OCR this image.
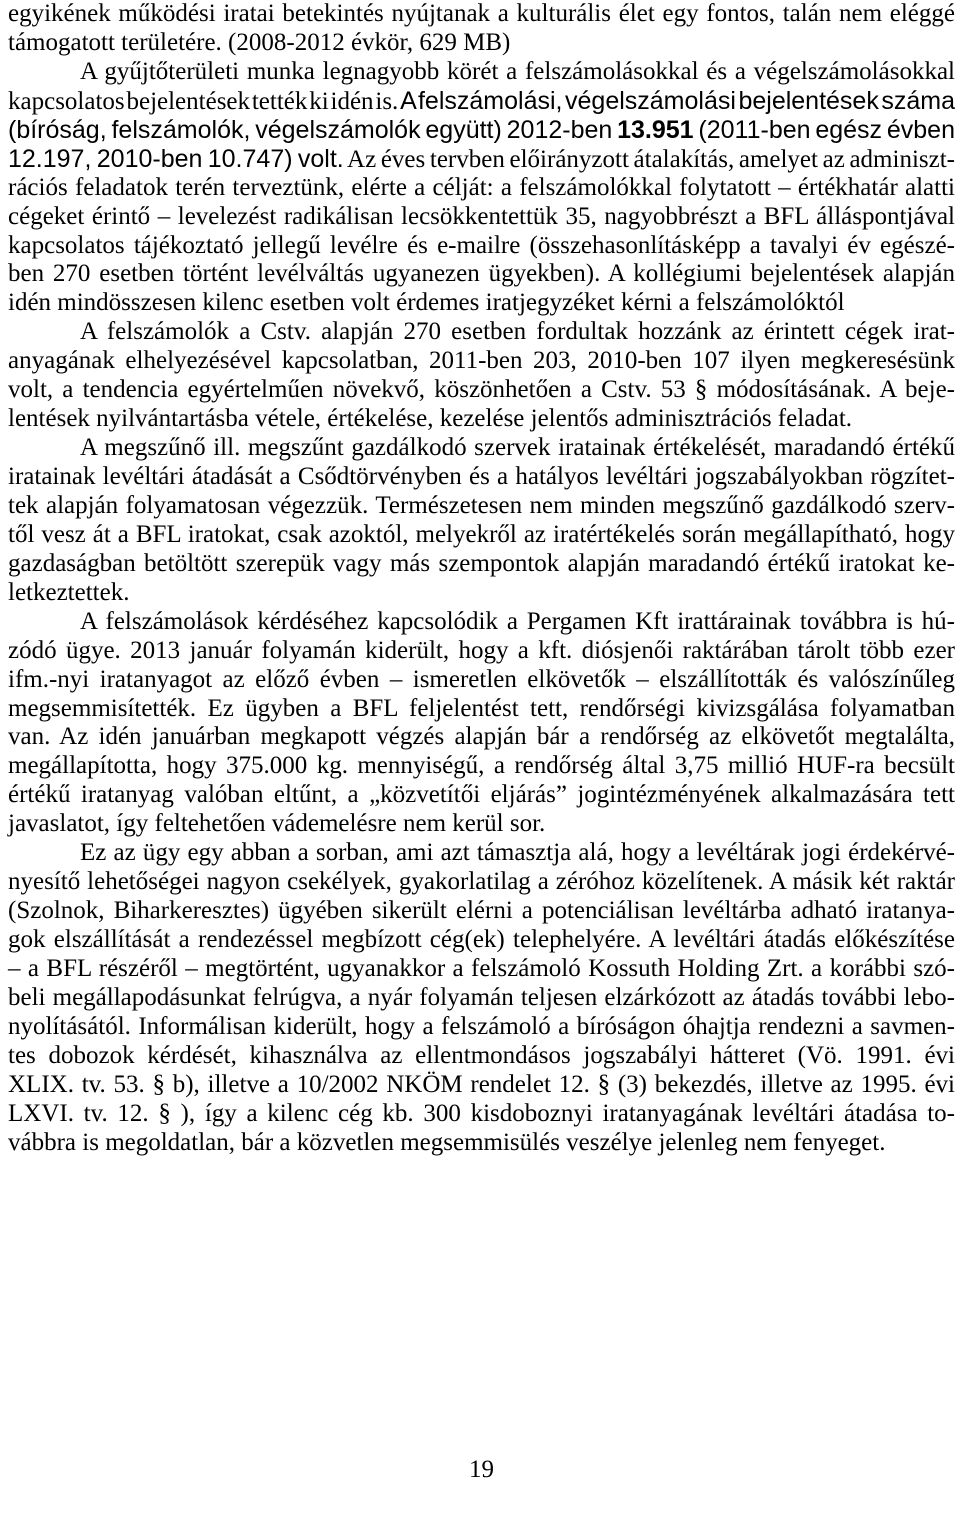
egyikének működési iratai betekintés nyújtanak a kulturális élet egy fontos, talán nem eléggé
támogatott területére. (2008-2012 évkör, 629 MB)
A gyűjtőterületi munka legnagyobb körét a felszámolásokkal és a végelszámolásokkal
kapcsolatos bejelentések tették ki idén is. A felszámolási, végelszámolási bejelentések száma
(bíróság, felszámolók, végelszámolók együtt) 2012-ben 13.951 (2011-ben egész évben
12.197, 2010-ben 10.747) volt. Az éves tervben előirányzott átalakítás, amelyet az adminiszt-
rációs feladatok terén terveztünk, elérte a célját: a felszámolókkal folytatott – értékhatár alatti
cégeket érintő – levelezést radikálisan lecsökkentettük 35, nagyobbrészt a BFL álláspontjával
kapcsolatos tájékoztató jellegű levélre és e-mailre (összehasonlításképp a tavalyi év egészé-
ben 270 esetben történt levélváltás ugyanezen ügyekben). A kollégiumi bejelentések alapján
idén mindösszesen kilenc esetben volt érdemes iratjegyzéket kérni a felszámolóktól
A felszámolók a Cstv. alapján 270 esetben fordultak hozzánk az érintett cégek irat-
anyagának elhelyezésével kapcsolatban, 2011-ben 203, 2010-ben 107 ilyen megkeresésünk
volt, a tendencia egyértelműen növekvő, köszönhetően a Cstv. 53 § módosításának. A beje-
lentések nyilvántartásba vétele, értékelése, kezelése jelentős adminisztrációs feladat.
A megszűnő ill. megszűnt gazdálkodó szervek iratainak értékelését, maradandó értékű
iratainak levéltári átadását a Csődtörvényben és a hatályos levéltári jogszabályokban rögzítet-
tek alapján folyamatosan végezzük. Természetesen nem minden megszűnő gazdálkodó szerv-
től vesz át a BFL iratokat, csak azoktól, melyekről az iratértékelés során megállapítható, hogy
gazdaságban betöltött szerepük vagy más szempontok alapján maradandó értékű iratokat ke-
letkeztettek.
A felszámolások kérdéséhez kapcsolódik a Pergamen Kft irattárainak továbbra is hú-
zódó ügye. 2013 január folyamán kiderült, hogy a kft. diósjenői raktárában tárolt több ezer
ifm.-nyi iratanyagot az előző évben – ismeretlen elkövetők – elszállították és valószínűleg
megsemmisítették. Ez ügyben a BFL feljelentést tett, rendőrségi kivizsgálása folyamatban
van. Az idén januárban megkapott végzés alapján bár a rendőrség az elkövetőt megtalálta,
megállapította, hogy 375.000 kg. mennyiségű, a rendőrség által 3,75 millió HUF-ra becsült
értékű iratanyag valóban eltűnt, a „közvetítői eljárás” jogintézményének alkalmazására tett
javaslatot, így feltehetően vádemelésre nem kerül sor.
Ez az ügy egy abban a sorban, ami azt támasztja alá, hogy a levéltárak jogi érdekérvé-
nyesítő lehetőségei nagyon csekélyek, gyakorlatilag a zéróhoz közelítenek. A másik két raktár
(Szolnok, Biharkeresztes) ügyében sikerült elérni a potenciálisan levéltárba adható iratanya-
gok elszállítását a rendezéssel megbízott cég(ek) telephelyére. A levéltári átadás előkészítése
– a BFL részéről – megtörtént, ugyanakkor a felszámoló Kossuth Holding Zrt. a korábbi szó-
beli megállapodásunkat felrúgva, a nyár folyamán teljesen elzárkózott az átadás további lebo-
nyolításától. Informálisan kiderült, hogy a felszámoló a bíróságon óhajtja rendezni a savmen-
tes dobozok kérdését, kihasználva az ellentmondásos jogszabályi hátteret (Vö. 1991. évi
XLIX. tv. 53. § b), illetve a 10/2002 NKÖM rendelet 12. § (3) bekezdés, illetve az 1995. évi
LXVI. tv. 12. § ), így a kilenc cég kb. 300 kisdoboznyi iratanyagának levéltári átadása to-
vábbra is megoldatlan, bár a közvetlen megsemmisülés veszélye jelenleg nem fenyeget.
19
